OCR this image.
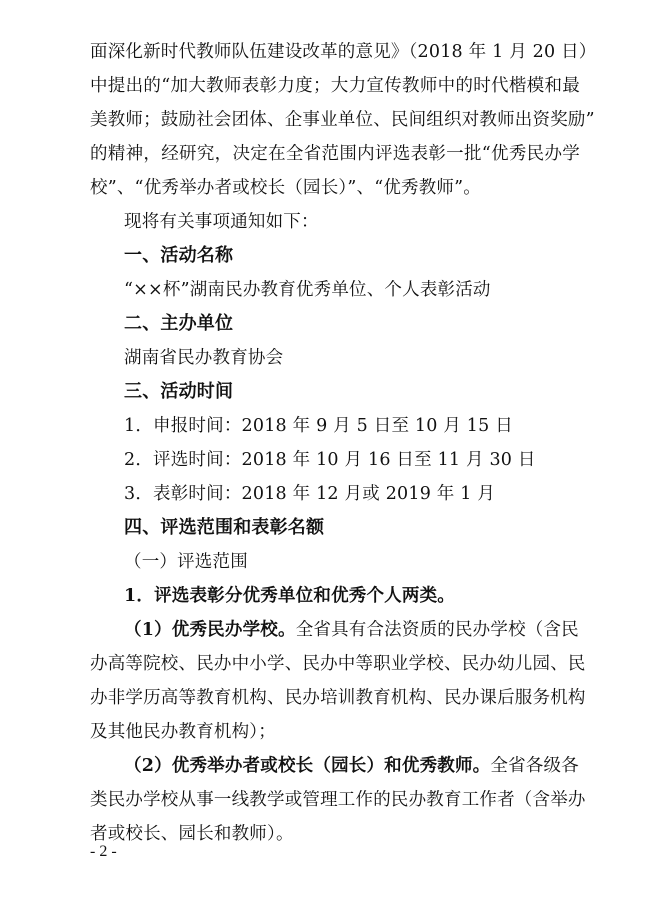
面深化新时代教师队伍建设改革的意见》（2018 年 1 月 20 日）
中提出的“加大教师表彰力度；大力宣传教师中的时代楷模和最
美教师；鼓励社会团体、企事业单位、民间组织对教师出资奖励”
的精神，经研究，决定在全省范围内评选表彰一批“优秀民办学
校”、“优秀举办者或校长（园长）”、“优秀教师”。
现将有关事项通知如下：
一、活动名称
“××杯”湖南民办教育优秀单位、个人表彰活动
二、主办单位
湖南省民办教育协会
三、活动时间
1．申报时间：2018 年 9 月 5 日至 10 月 15 日
2．评选时间：2018 年 10 月 16 日至 11 月 30 日
3．表彰时间：2018 年 12 月或 2019 年 1 月
四、评选范围和表彰名额
（一）评选范围
1．评选表彰分优秀单位和优秀个人两类。
（1）优秀民办学校。全省具有合法资质的民办学校（含民
办高等院校、民办中小学、民办中等职业学校、民办幼儿园、民
办非学历高等教育机构、民办培训教育机构、民办课后服务机构
及其他民办教育机构）；
（2）优秀举办者或校长（园长）和优秀教师。全省各级各
类民办学校从事一线教学或管理工作的民办教育工作者（含举办
者或校长、园长和教师）。
- 2 -
